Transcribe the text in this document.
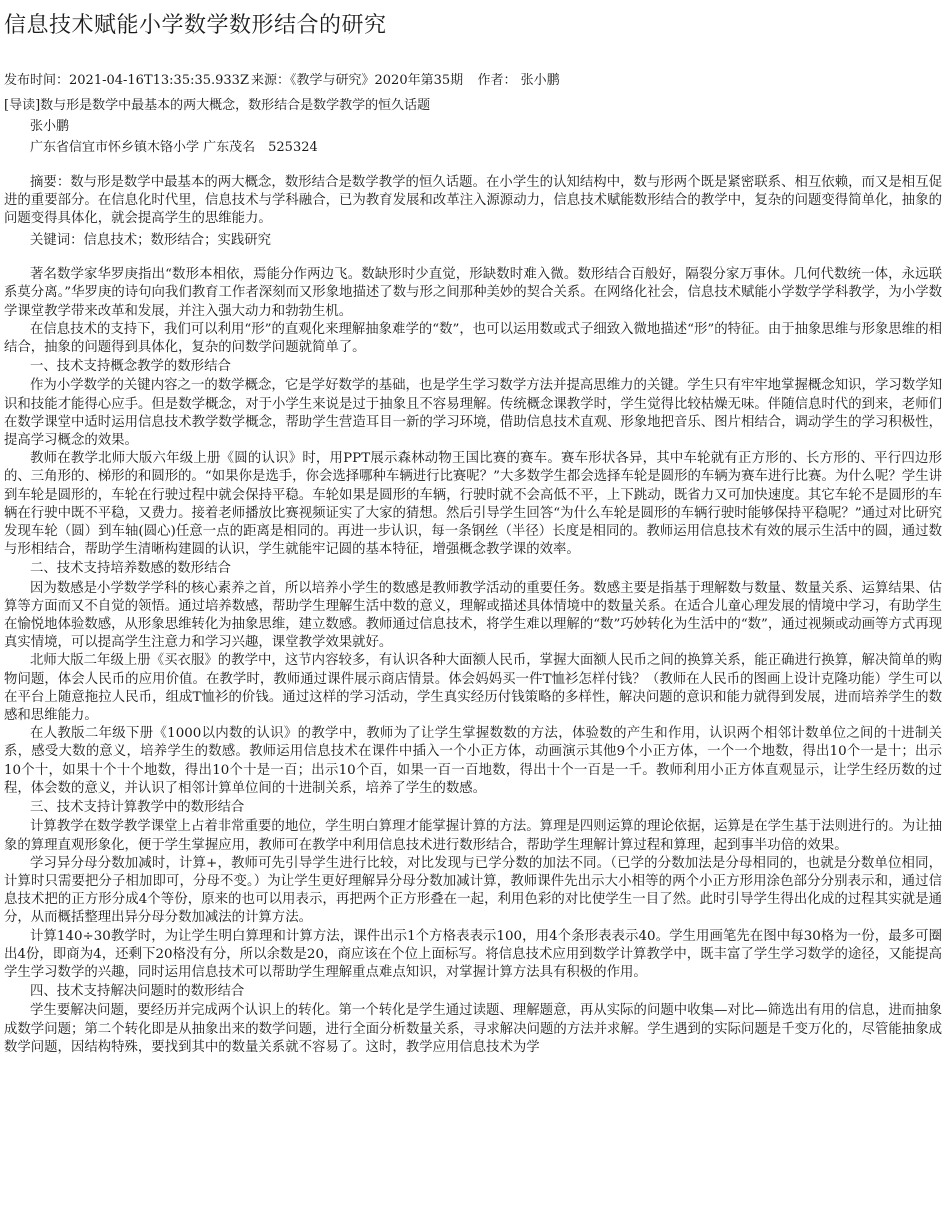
信息技术赋能小学数学数形结合的研究
发布时间：2021-04-16T13:35:35.933Z 来源：《教学与研究》2020年第35期 作者： 张小鹏
[导读]数与形是数学中最基本的两大概念，数形结合是数学教学的恒久话题
张小鹏
广东省信宜市怀乡镇木铬小学 广东茂名　525324

摘要：数与形是数学中最基本的两大概念，数形结合是数学教学的恒久话题。在小学生的认知结构中，数与形两个既是紧密联系、相互依赖，而又是相互促进的重要部分。在信息化时代里，信息技术与学科融合，已为教育发展和改革注入源源动力，信息技术赋能数形结合的教学中，复杂的问题变得简单化，抽象的问题变得具体化，就会提高学生的思维能力。

关键词：信息技术；数形结合；实践研究

著名数学家华罗庚指出“数形本相依，焉能分作两边飞。数缺形时少直觉，形缺数时难入微。数形结合百般好，隔裂分家万事休。几何代数统一体，永远联系莫分离。”华罗庚的诗句向我们教育工作者深刻而又形象地描述了数与形之间那种美妙的契合关系。在网络化社会，信息技术赋能小学数学学科教学，为小学数学课堂教学带来改革和发展，并注入强大动力和勃勃生机。

在信息技术的支持下，我们可以利用“形”的直观化来理解抽象难学的“数”，也可以运用数或式子细致入微地描述“形”的特征。由于抽象思维与形象思维的相结合，抽象的问题得到具体化，复杂的问数学问题就简单了。

一、技术支持概念教学的数形结合

作为小学数学的关键内容之一的数学概念，它是学好数学的基础，也是学生学习数学方法并提高思维力的关键。学生只有牢牢地掌握概念知识，学习数学知识和技能才能得心应手。但是数学概念，对于小学生来说是过于抽象且不容易理解。传统概念课教学时，学生觉得比较枯燥无味。伴随信息时代的到来，老师们在数学课堂中适时运用信息技术教学数学概念，帮助学生营造耳目一新的学习环境，借助信息技术直观、形象地把音乐、图片相结合，调动学生的学习积极性，提高学习概念的效果。

教师在教学北师大版六年级上册《圆的认识》时，用PPT展示森林动物王国比赛的赛车。赛车形状各异，其中车轮就有正方形的、长方形的、平行四边形的、三角形的、梯形的和圆形的。“如果你是选手，你会选择哪种车辆进行比赛呢？”大多数学生都会选择车轮是圆形的车辆为赛车进行比赛。为什么呢？学生讲到车轮是圆形的，车轮在行驶过程中就会保持平稳。车轮如果是圆形的车辆，行驶时就不会高低不平，上下跳动，既省力又可加快速度。其它车轮不是圆形的车辆在行驶中既不平稳，又费力。接着老师播放比赛视频证实了大家的猜想。然后引导学生回答“为什么车轮是圆形的车辆行驶时能够保持平稳呢？”通过对比研究发现车轮（圆）到车轴(圆心)任意一点的距离是相同的。再进一步认识，每一条钢丝（半径）长度是相同的。教师运用信息技术有效的展示生活中的圆，通过数与形相结合，帮助学生清晰构建圆的认识，学生就能牢记圆的基本特征，增强概念教学课的效率。

二、技术支持培养数感的数形结合

因为数感是小学数学学科的核心素养之首，所以培养小学生的数感是教师教学活动的重要任务。数感主要是指基于理解数与数量、数量关系、运算结果、估算等方面而又不自觉的领悟。通过培养数感，帮助学生理解生活中数的意义，理解或描述具体情境中的数量关系。在适合儿童心理发展的情境中学习，有助学生在愉悦地体验数感，从形象思维转化为抽象思维，建立数感。教师通过信息技术，将学生难以理解的“数”巧妙转化为生活中的“数”，通过视频或动画等方式再现真实情境，可以提高学生注意力和学习兴趣，课堂教学效果就好。

北师大版二年级上册《买衣服》的教学中，这节内容较多，有认识各种大面额人民币，掌握大面额人民币之间的换算关系，能正确进行换算，解决简单的购物问题，体会人民币的应用价值。在教学时，教师通过课件展示商店情景。体会妈妈买一件T恤衫怎样付钱？（教师在人民币的图画上设计克隆功能）学生可以在平台上随意拖拉人民币，组成T恤衫的价钱。通过这样的学习活动，学生真实经历付钱策略的多样性，解决问题的意识和能力就得到发展，进而培养学生的数感和思维能力。

在人教版二年级下册《1000以内数的认识》的教学中，教师为了让学生掌握数数的方法，体验数的产生和作用，认识两个相邻计数单位之间的十进制关系，感受大数的意义，培养学生的数感。教师运用信息技术在课件中插入一个小正方体，动画演示其他9个小正方体，一个一个地数，得出10个一是十；出示10个十，如果十个十个地数，得出10个十是一百；出示10个百，如果一百一百地数，得出十个一百是一千。教师利用小正方体直观显示，让学生经历数的过程，体会数的意义，并认识了相邻计算单位间的十进制关系，培养了学生的数感。

三、技术支持计算教学中的数形结合

计算教学在数学教学课堂上占着非常重要的地位，学生明白算理才能掌握计算的方法。算理是四则运算的理论依据，运算是在学生基于法则进行的。为让抽象的算理直观形象化，便于学生掌握应用，教师可在教学中利用信息技术进行数形结合，帮助学生理解计算过程和算理，起到事半功倍的效果。

学习异分母分数加减时，计算+，教师可先引导学生进行比较，对比发现与已学分数的加法不同。（已学的分数加法是分母相同的，也就是分数单位相同，计算时只需要把分子相加即可，分母不变。）为让学生更好理解异分母分数加减计算，教师课件先出示大小相等的两个小正方形用涂色部分分别表示和，通过信息技术把的正方形分成4个等份，原来的也可以用表示，再把两个正方形叠在一起，利用色彩的对比使学生一目了然。此时引导学生得出化成的过程其实就是通分，从而概括整理出异分母分数加减法的计算方法。

计算140÷30教学时，为让学生明白算理和计算方法，课件出示1个方格表表示100，用4个条形表表示40。学生用画笔先在图中每30格为一份，最多可圈出4份，即商为4，还剩下20格没有分，所以余数是20，商应该在个位上面标写。将信息技术应用到数学计算教学中，既丰富了学生学习数学的途径，又能提高学生学习数学的兴趣，同时运用信息技术可以帮助学生理解重点难点知识，对掌握计算方法具有积极的作用。

四、技术支持解决问题时的数形结合

学生要解决问题，要经历并完成两个认识上的转化。第一个转化是学生通过读题、理解题意，再从实际的问题中收集—对比—筛选出有用的信息，进而抽象成数学问题；第二个转化即是从抽象出来的数学问题，进行全面分析数量关系，寻求解决问题的方法并求解。学生遇到的实际问题是千变万化的，尽管能抽象成数学问题，因结构特殊，要找到其中的数量关系就不容易了。这时，教学应用信息技术为学
